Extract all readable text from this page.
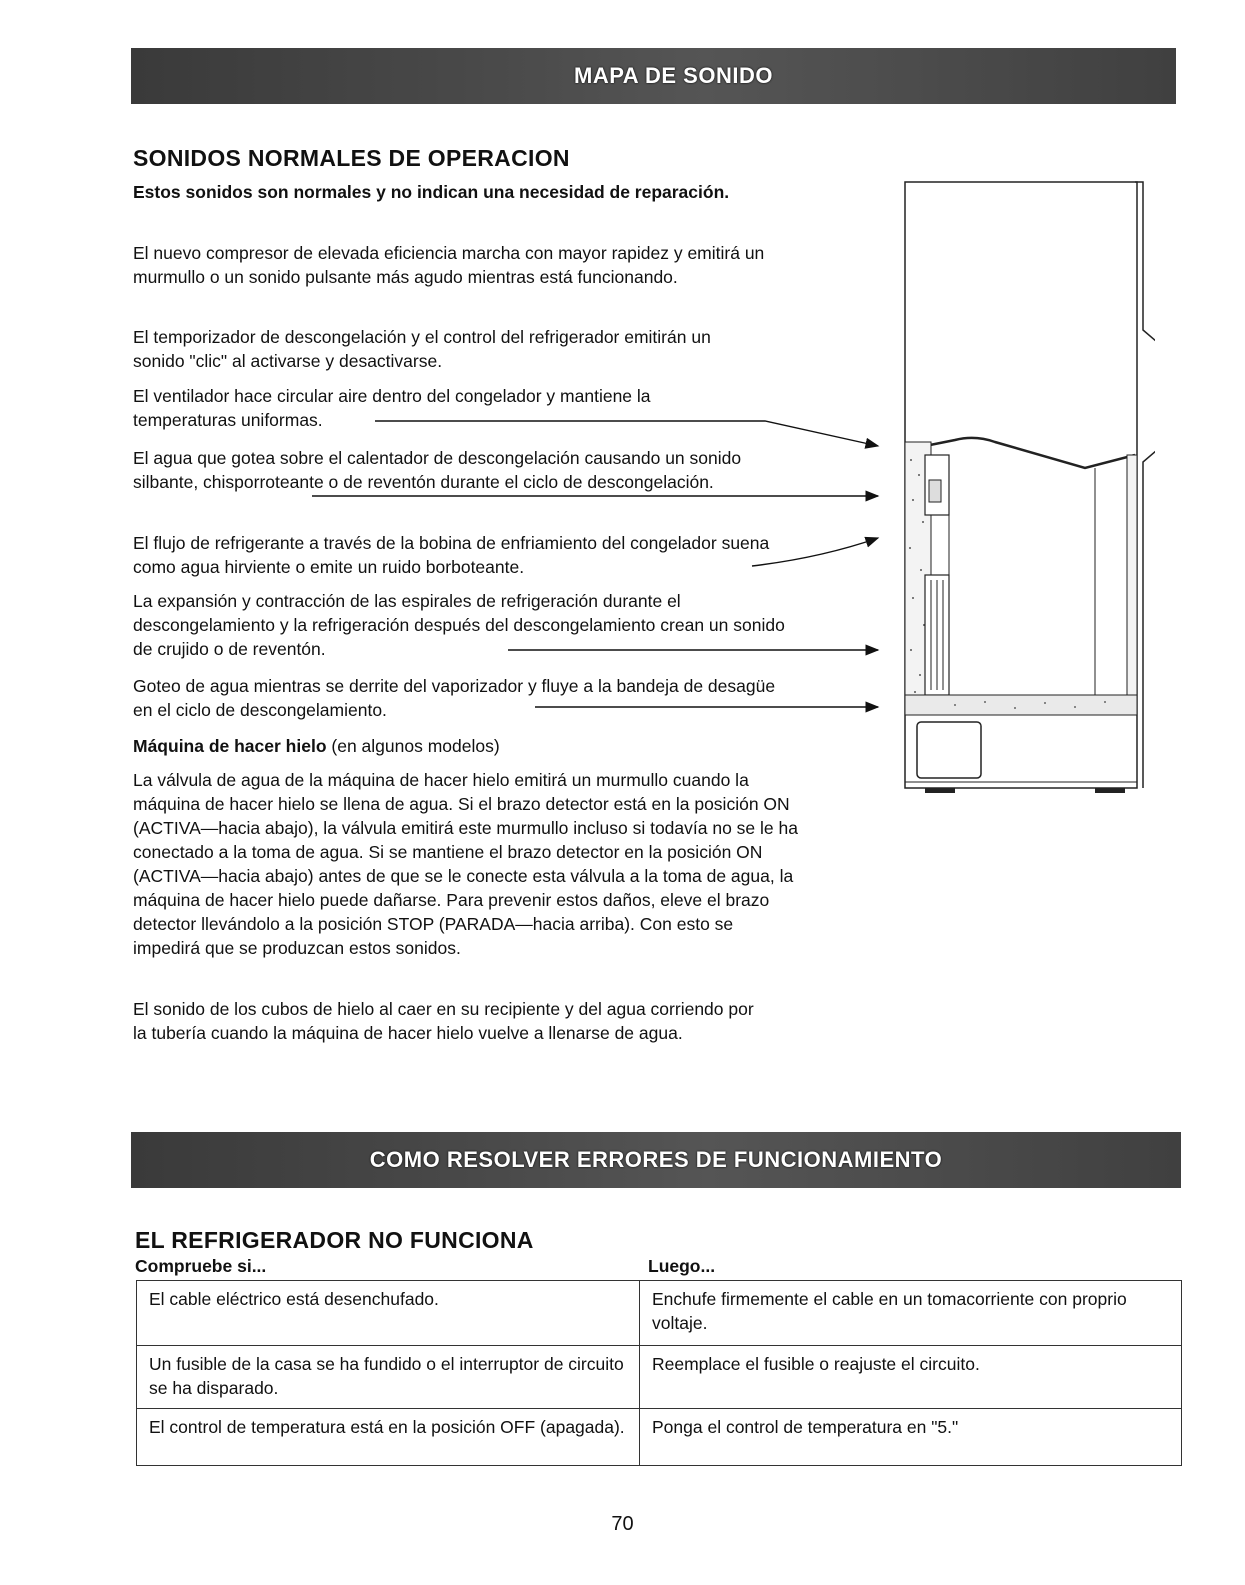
MAPA DE SONIDO
SONIDOS NORMALES DE OPERACION

Estos sonidos son normales y no indican una necesidad de reparación.

El nuevo compresor de elevada eficiencia marcha con mayor rapidez y emitirá un murmullo o un sonido pulsante más agudo mientras está funcionando.

El temporizador de descongelación y el control del refrigerador emitirán un sonido "clic" al activarse y desactivarse.

El ventilador hace circular aire dentro del congelador y mantiene la temperaturas uniformas.

El agua que gotea sobre el calentador de descongelación causando un sonido silbante, chisporroteante o de reventón durante el ciclo de descongelación.

El flujo de refrigerante a través de la bobina de enfriamiento del congelador suena como agua hirviente o emite un ruido borboteante.

La expansión y contracción de las espirales de refrigeración durante el descongelamiento y la refrigeración después del descongelamiento crean un sonido de crujido o de reventón.

Goteo de agua mientras se derrite del vaporizador y fluye a la bandeja de desagüe en el ciclo de descongelamiento.

Máquina de hacer hielo (en algunos modelos)

La válvula de agua de la máquina de hacer hielo emitirá un murmullo cuando la máquina de hacer hielo se llena de agua. Si el brazo detector está en la posición ON (ACTIVA—hacia abajo), la válvula emitirá este murmullo incluso si todavía no se le ha conectado a la toma de agua. Si se mantiene el brazo detector en la posición ON (ACTIVA—hacia abajo) antes de que se le conecte esta válvula a la toma de agua, la máquina de hacer hielo puede dañarse. Para prevenir estos daños, eleve el brazo detector llevándolo a la posición STOP (PARADA—hacia arriba). Con esto se impedirá que se produzcan estos sonidos.

El sonido de los cubos de hielo al caer en su recipiente y del agua corriendo por la tubería cuando la máquina de hacer hielo vuelve a llenarse de agua.

COMO RESOLVER ERRORES DE FUNCIONAMIENTO
EL REFRIGERADOR NO FUNCIONA
Compruebe si...	Luego...
El cable eléctrico está desenchufado.	Enchufe firmemente el cable en un tomacorriente con proprio voltaje.
Un fusible de la casa se ha fundido o el interruptor de circuito se ha disparado.	Reemplace el fusible o reajuste el circuito.
El control de temperatura está en la posición OFF (apagada).	Ponga el control de temperatura en "5."
70
